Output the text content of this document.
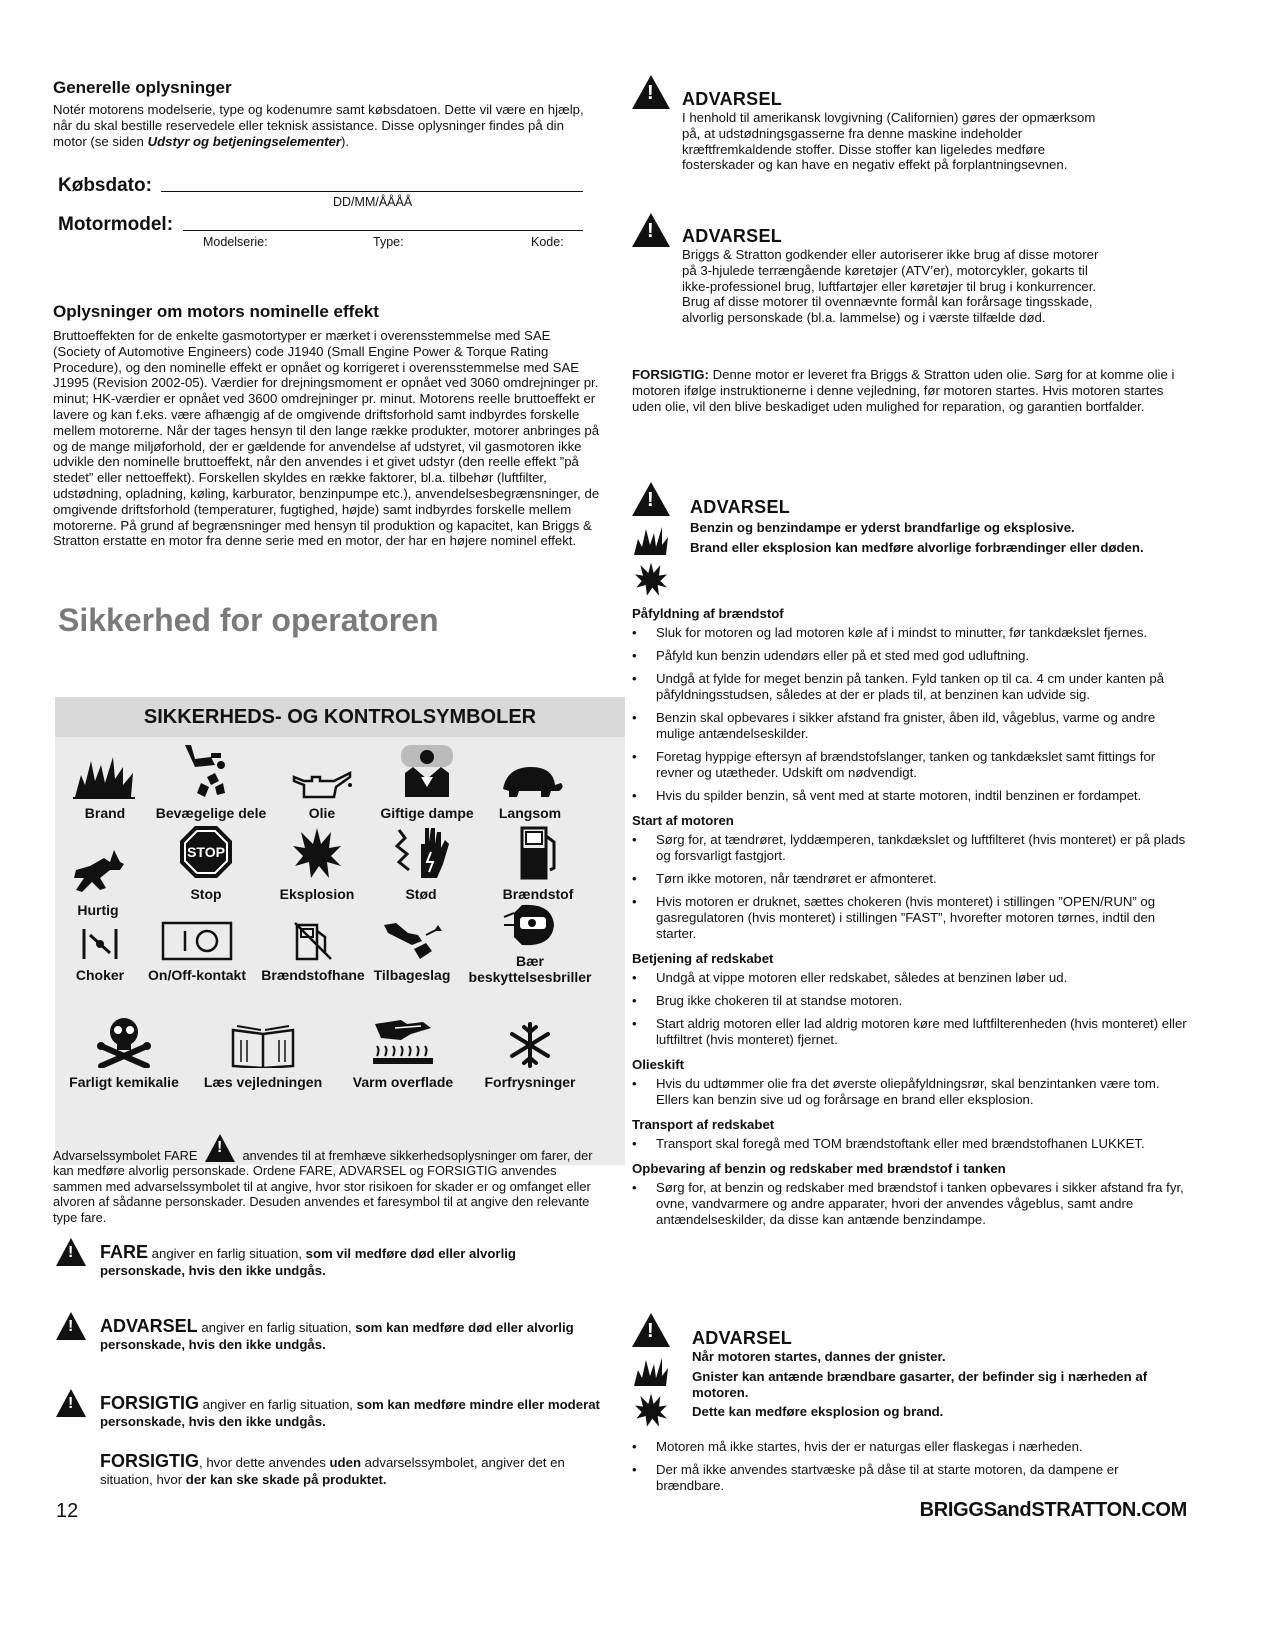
Generelle oplysninger

Notér motorens modelserie, type og kodenumre samt købsdatoen. Dette vil være en hjælp, når du skal bestille reservedele eller teknisk assistance. Disse oplysninger findes på din motor (se siden Udstyr og betjeningselementer).

Købsdato:
DD/MM/ÅÅÅÅ
Motormodel:
Modelserie:	Type:	Kode:
Oplysninger om motors nominelle effekt

Bruttoeffekten for de enkelte gasmotortyper er mærket i overensstemmelse med SAE (Society of Automotive Engineers) code J1940 (Small Engine Power & Torque Rating Procedure), og den nominelle effekt er opnået og korrigeret i overensstemmelse med SAE J1995 (Revision 2002-05). Værdier for drejningsmoment er opnået ved 3060 omdrejninger pr. minut; HK-værdier er opnået ved 3600 omdrejninger pr. minut. Motorens reelle bruttoeffekt er lavere og kan f.eks. være afhængig af de omgivende driftsforhold samt indbyrdes forskelle mellem motorerne. Når der tages hensyn til den lange række produkter, motorer anbringes på og de mange miljøforhold, der er gældende for anvendelse af udstyret, vil gasmotoren ikke udvikle den nominelle bruttoeffekt, når den anvendes i et givet udstyr (den reelle effekt ”på stedet” eller nettoeffekt). Forskellen skyldes en række faktorer, bl.a. tilbehør (luftfilter, udstødning, opladning, køling, karburator, benzinpumpe etc.), anvendelsesbegrænsninger, de omgivende driftsforhold (temperaturer, fugtighed, højde) samt indbyrdes forskelle mellem motorerne. På grund af begrænsninger med hensyn til produktion og kapacitet, kan Briggs & Stratton erstatte en motor fra denne serie med en motor, der har en højere nominel effekt.

Sikkerhed for operatoren
SIKKERHEDS- OG KONTROLSYMBOLER
Brand	Bevægelige dele	Olie	Giftige dampe	Langsom
Hurtig
STOP
Stop	Eksplosion	Stød	Brændstof
Choker	On/Off-kontakt	Brændstofhane Tilbageslag
Bær beskyttelsesbriller
Farligt kemikalie	Læs vejledningen	Varm overflade	Forfrysninger
Advarselssymbolet FARE !	anvendes til at fremhæve sikkerhedsoplysninger om farer, der kan medføre alvorlig personskade. Ordene FARE, ADVARSEL og FORSIGTIG anvendes sammen med advarselssymbolet til at angive, hvor stor risikoen for skader er og omfanget eller alvoren af sådanne personskader. Desuden anvendes et faresymbol til at angive den relevante type fare.
!
FARE angiver en farlig situation, som vil medføre død eller alvorlig personskade, hvis den ikke undgås.
!
ADVARSEL angiver en farlig situation, som kan medføre død eller alvorlig personskade, hvis den ikke undgås.
!
FORSIGTIG angiver en farlig situation, som kan medføre mindre eller moderat personskade, hvis den ikke undgås.
FORSIGTIG, hvor dette anvendes uden advarselssymbolet, angiver det en situation, hvor der kan ske skade på produktet.
12
!
ADVARSEL
I henhold til amerikansk lovgivning (Californien) gøres der opmærksom på, at udstødningsgasserne fra denne maskine indeholder kræftfremkaldende stoffer. Disse stoffer kan ligeledes medføre fosterskader og kan have en negativ effekt på forplantningsevnen.
!
ADVARSEL
Briggs & Stratton godkender eller autoriserer ikke brug af disse motorer på 3-hjulede terrængående køretøjer (ATV’er), motorcykler, gokarts til ikke-professionel brug, luftfartøjer eller køretøjer til brug i konkurrencer. Brug af disse motorer til ovennævnte formål kan forårsage tingsskade, alvorlig personskade (bl.a. lammelse) og i værste tilfælde død.
FORSIGTIG: Denne motor er leveret fra Briggs & Stratton uden olie. Sørg for at komme olie i motoren ifølge instruktionerne i denne vejledning, før motoren startes. Hvis motoren startes uden olie, vil den blive beskadiget uden mulighed for reparation, og garantien bortfalder.
!
ADVARSEL
Benzin og benzindampe er yderst brandfarlige og eksplosive.
Brand eller eksplosion kan medføre alvorlige forbrændinger eller døden.
Påfyldning af brændstof
• Sluk for motoren og lad motoren køle af i mindst to minutter, før tankdækslet fjernes.
• Påfyld kun benzin udendørs eller på et sted med god udluftning.
• Undgå at fylde for meget benzin på tanken. Fyld tanken op til ca. 4 cm under kanten på påfyldningsstudsen, således at der er plads til, at benzinen kan udvide sig.
• Benzin skal opbevares i sikker afstand fra gnister, åben ild, vågeblus, varme og andre mulige antændelseskilder.
• Foretag hyppige eftersyn af brændstofslanger, tanken og tankdækslet samt fittings for revner og utætheder. Udskift om nødvendigt.
• Hvis du spilder benzin, så vent med at starte motoren, indtil benzinen er fordampet.
Start af motoren
• Sørg for, at tændrøret, lyddæmperen, tankdækslet og luftfilteret (hvis monteret) er på plads og forsvarligt fastgjort.
• Tørn ikke motoren, når tændrøret er afmonteret.
• Hvis motoren er druknet, sættes chokeren (hvis monteret) i stillingen ”OPEN/RUN” og gasregulatoren (hvis monteret) i stillingen ”FAST”, hvorefter motoren tørnes, indtil den starter.
Betjening af redskabet
• Undgå at vippe motoren eller redskabet, således at benzinen løber ud.
• Brug ikke chokeren til at standse motoren.
• Start aldrig motoren eller lad aldrig motoren køre med luftfilterenheden (hvis monteret) eller luftfiltret (hvis monteret) fjernet.
Olieskift
• Hvis du udtømmer olie fra det øverste oliepåfyldningsrør, skal benzintanken være tom. Ellers kan benzin sive ud og forårsage en brand eller eksplosion.
Transport af redskabet
• Transport skal foregå med TOM brændstoftank eller med brændstofhanen LUKKET.
Opbevaring af benzin og redskaber med brændstof i tanken
• Sørg for, at benzin og redskaber med brændstof i tanken opbevares i sikker afstand fra fyr, ovne, vandvarmere og andre apparater, hvori der anvendes vågeblus, samt andre antændelseskilder, da disse kan antænde benzindampe.
!
ADVARSEL
Når motoren startes, dannes der gnister.
Gnister kan antænde brændbare gasarter, der befinder sig i nærheden af motoren.
Dette kan medføre eksplosion og brand.
• Motoren må ikke startes, hvis der er naturgas eller flaskegas i nærheden.
• Der må ikke anvendes startvæske på dåse til at starte motoren, da dampene er brændbare.
BRIGGSandSTRATTON.COM
